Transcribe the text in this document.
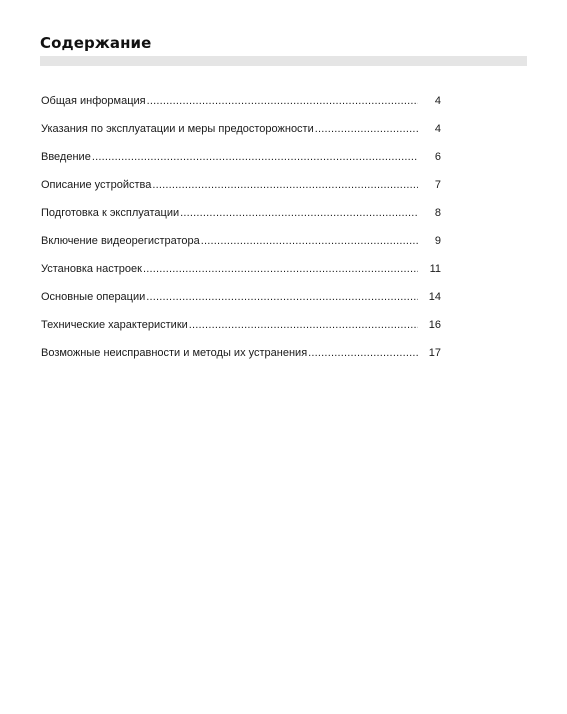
Содержание
Общая информация .....	4
Указания по эксплуатации и меры предосторожности .....	4
Введение .....	6
Описание устройства .....	7
Подготовка к эксплуатации .....	8
Включение видеорегистратора .....	9
Установка настроек .....	11
Основные операции .....	14
Технические характеристики .....	16
Возможные неисправности и методы их устранения .....	17
